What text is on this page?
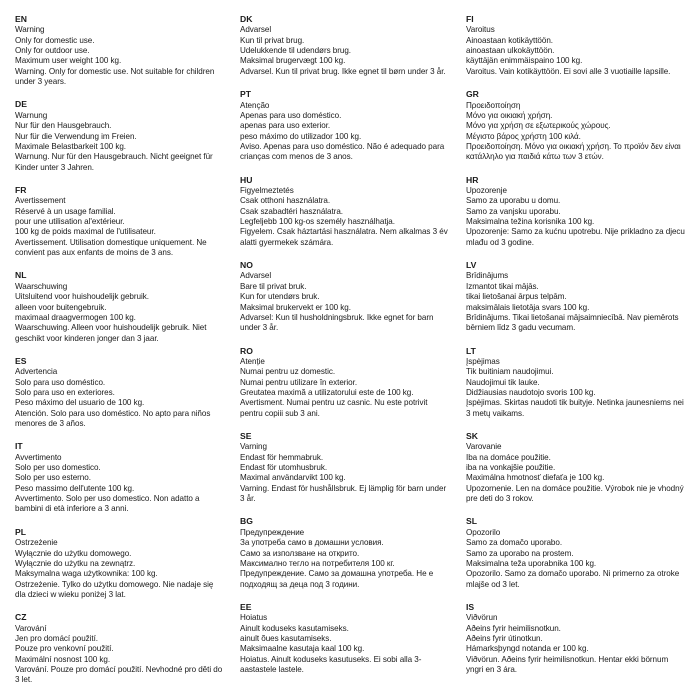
EN
Warning
Only for domestic use.
Only for outdoor use.
Maximum user weight 100 kg.
Warning. Only for domestic use. Not suitable for children under 3 years.
DE
Warnung
Nur für den Hausgebrauch.
Nur für die Verwendung im Freien.
Maximale Belastbarkeit 100 kg.
Warnung. Nur für den Hausgebrauch. Nicht geeignet für Kinder unter 3 Jahren.
FR
Avertissement
Réservé à un usage familial.
pour une utilisation al'extérieur.
100 kg de poids maximal de l'utilisateur.
Avertissement. Utilisation domestique uniquement. Ne convient pas aux enfants de moins de 3 ans.
NL
Waarschuwing
Uitsluitend voor huishoudelijk gebruik.
alleen voor buitengebruik.
maximaal draagvermogen 100 kg.
Waarschuwing. Alleen voor huishoudelijk gebruik. Niet geschikt voor kinderen jonger dan 3 jaar.
ES
Advertencia
Solo para uso doméstico.
Solo para uso en exteriores.
Peso máximo del usuario de 100 kg.
Atención. Solo para uso doméstico. No apto para niños menores de 3 años.
IT
Avvertimento
Solo per uso domestico.
Solo per uso esterno.
Peso massimo dell'utente 100 kg.
Avvertimento. Solo per uso domestico. Non adatto a bambini di età inferiore a 3 anni.
PL
Ostrzeżenie
Wyłącznie do użytku domowego.
Wyłącznie do użytku na zewnątrz.
Maksymalna waga użytkownika: 100 kg.
Ostrzeżenie. Tylko do użytku domowego. Nie nadaje się dla dzieci w wieku poniżej 3 lat.
CZ
Varování
Jen pro domácí použití.
Pouze pro venkovní použití.
Maximální nosnost 100 kg.
Varování. Pouze pro domácí použití. Nevhodné pro děti do 3 let.
DK
Advarsel
Kun til privat brug.
Udelukkende til udendørs brug.
Maksimal brugervægt 100 kg.
Advarsel. Kun til privat brug. Ikke egnet til børn under 3 år.
PT
Atenção
Apenas para uso doméstico.
apenas para uso exterior.
peso máximo do utilizador 100 kg.
Aviso. Apenas para uso doméstico. Não é adequado para crianças com menos de 3 anos.
HU
Figyelmeztetés
Csak otthoni használatra.
Csak szabadtéri használatra.
Legfeljebb 100 kg-os személy használhatja.
Figyelem. Csak háztartási használatra. Nem alkalmas 3 év alatti gyermekek számára.
NO
Advarsel
Bare til privat bruk.
Kun for utendørs bruk.
Maksimal brukervekt er 100 kg.
Advarsel: Kun til husholdningsbruk. Ikke egnet for barn under 3 år.
RO
Atenție
Numai pentru uz domestic.
Numai pentru utilizare în exterior.
Greutatea maximă a utilizatorului este de 100 kg.
Avertisment. Numai pentru uz casnic. Nu este potrivit pentru copiii sub 3 ani.
SE
Varning
Endast för hemmabruk.
Endast för utomhusbruk.
Maximal användarvikt 100 kg.
Varning. Endast för hushållsbruk. Ej lämplig för barn under 3 år.
BG
Предупреждение
За употреба само в домашни условия.
Само за използване на открито.
Максимално тегло на потребителя 100 кг.
Предупреждение. Само за домашна употреба. Не е подходящ за деца под 3 години.
EE
Hoiatus
Ainult koduseks kasutamiseks.
ainult õues kasutamiseks.
Maksimaalne kasutaja kaal 100 kg.
Hoiatus. Ainult koduseks kasutuseks. Ei sobi alla 3-aastastele lastele.
FI
Varoitus
Ainoastaan kotikäyttöön.
ainoastaan ulkokäyttöön.
käyttäjän enimmäispaino 100 kg.
Varoitus. Vain kotikäyttöön. Ei sovi alle 3 vuotiaille lapsille.
GR
Προειδοποίηση
Μόνο για οικιακή χρήση.
Μόνο για χρήση σε εξωτερικούς χώρους.
Μέγιστο βάρος χρήστη 100 κιλά.
Προειδοποίηση. Μόνο για οικιακή χρήση. Το προϊόν δεν είναι κατάλληλο για παιδιά κάτω των 3 ετών.
HR
Upozorenje
Samo za uporabu u domu.
Samo za vanjsku uporabu.
Maksimalna težina korisnika 100 kg.
Upozorenje: Samo za kućnu upotrebu. Nije prikladno za djecu mlađu od 3 godine.
LV
Brīdinājums
Izmantot tikai mājās.
tikai lietošanai ārpus telpām.
maksimālais lietotāja svars 100 kg.
Brīdinājums. Tikai lietošanai mājsaimniecībā. Nav piemērots bērniem līdz 3 gadu vecumam.
LT
Įspėjimas
Tik buitiniam naudojimui.
Naudojimui tik lauke.
Didžiausias naudotojo svoris 100 kg.
Įspėjimas. Skirtas naudoti tik buityje. Netinka jaunesniems nei 3 metų vaikams.
SK
Varovanie
Iba na domáce použitie.
iba na vonkajšie použitie.
Maximálna hmotnosť diefaťa je 100 kg.
Upozornenie. Len na domáce použitie. Výrobok nie je vhodný pre deti do 3 rokov.
SL
Opozorilo
Samo za domačo uporabo.
Samo za uporabo na prostem.
Maksimalna teža uporabnika 100 kg.
Opozorilo. Samo za domačo uporabo. Ni primerno za otroke mlajše od 3 let.
IS
Viðvörun
Aðeins fyrir heimilisnotkun.
Aðeins fyrir útinotkun.
Hámarksþyngd notanda er 100 kg.
Viðvörun. Aðeins fyrir heimilisnotkun. Hentar ekki börnum yngri en 3 ára.
